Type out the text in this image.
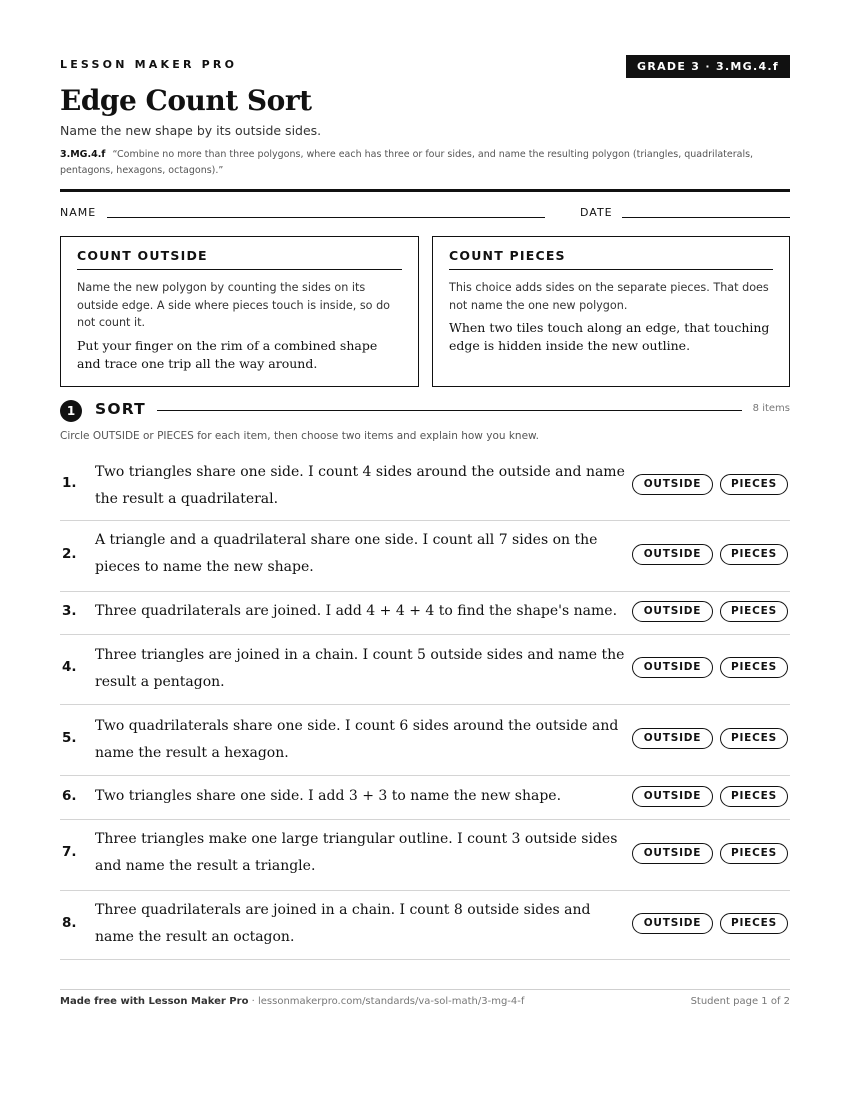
LESSON MAKER PRO	GRADE 3 · 3.MG.4.f
Edge Count Sort
Name the new shape by its outside sides.
3.MG.4.f “Combine no more than three polygons, where each has three or four sides, and name the resulting polygon (triangles, quadrilaterals, pentagons, hexagons, octagons).”
NAME	DATE
COUNT OUTSIDE

Name the new polygon by counting the sides on its outside edge. A side where pieces touch is inside, so do not count it.

Put your finger on the rim of a combined shape and trace one trip all the way around.

COUNT PIECES

This choice adds sides on the separate pieces. That does not name the one new polygon.

When two tiles touch along an edge, that touching edge is hidden inside the new outline.

1	SORT	8 items
Circle OUTSIDE or PIECES for each item, then choose two items and explain how you knew.
1.
Two triangles share one side. I count 4 sides around the outside and name the result a quadrilateral.
OUTSIDE	PIECES
2.
A triangle and a quadrilateral share one side. I count all 7 sides on the pieces to name the new shape.
OUTSIDE	PIECES
3. Three quadrilaterals are joined. I add 4 + 4 + 4 to find the shape's name.	OUTSIDE	PIECES
4.
Three triangles are joined in a chain. I count 5 outside sides and name the result a pentagon.
OUTSIDE	PIECES
5.
Two quadrilaterals share one side. I count 6 sides around the outside and name the result a hexagon.
OUTSIDE	PIECES
6. Two triangles share one side. I add 3 + 3 to name the new shape.	OUTSIDE	PIECES
7.
Three triangles make one large triangular outline. I count 3 outside sides and name the result a triangle.
OUTSIDE	PIECES
8.
Three quadrilaterals are joined in a chain. I count 8 outside sides and name the result an octagon.
OUTSIDE	PIECES
Made free with Lesson Maker Pro · lessonmakerpro.com/standards/va-sol-math/3-mg-4-f	Student page 1 of 2
